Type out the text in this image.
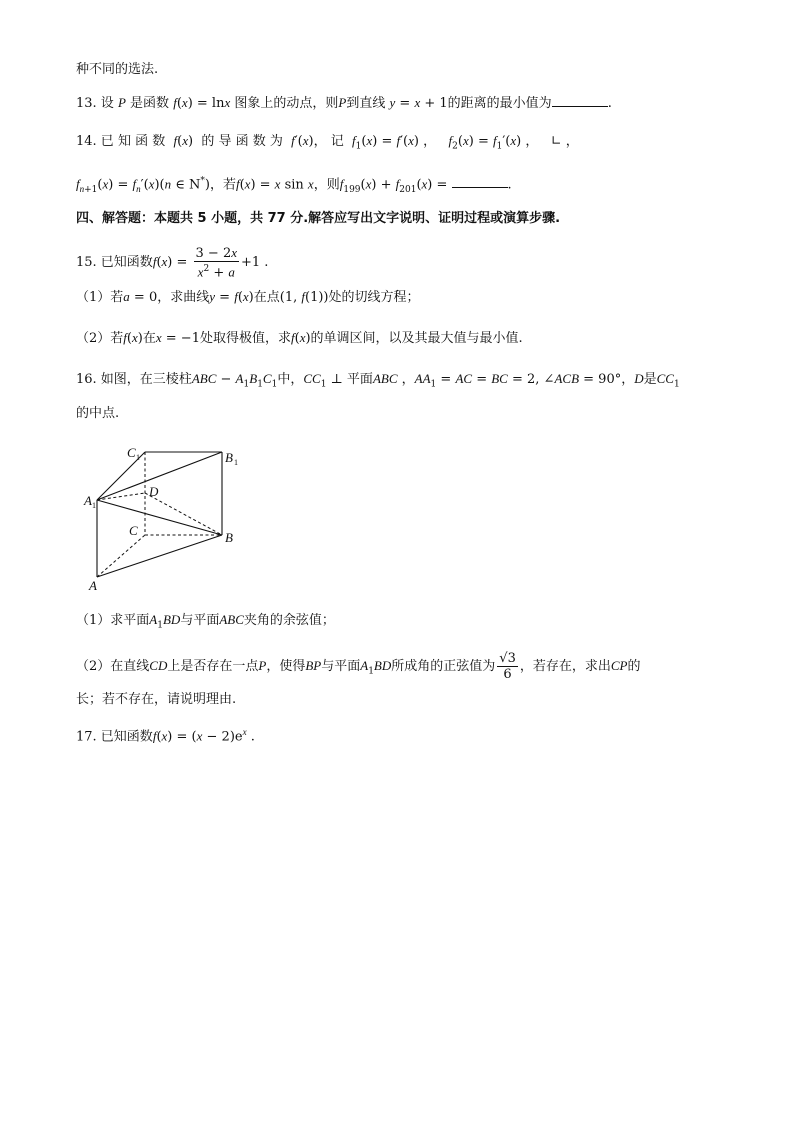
种不同的选法.
13. 设 P 是函数 f(x) = lnx 图象上的动点，则P到直线 y = x + 1的距离的最小值为	.
14. 已 知 函 数 f(x)  的 导 函 数 为 f′(x)， 记 $f_1(x) = f'(x)$ ，   $f_2(x) = f_1'(x)$ ，   ∟ ，
$f_{n+1}(x) = f_n'(x)(n$ ∈ N*)，若f(x) = x sin x，则$f_{199}(x) + f_{201}(x)$ =	.
四、解答题：本题共 5 小题，共 77 分.解答应写出文字说明、证明过程或演算步骤.
15. 已知函数$f(x) = \frac{3 - 2x}{x^2 + a} +1$ .
（1）若a = 0，求曲线y = f(x)在点(1, f(1))处的切线方程；
（2）若f(x)在x = −1处取得极值，求f(x)的单调区间，以及其最大值与最小值.
16. 如图，在三棱柱ABC − $A_1B_1C_1$中，$CC_1$ ⊥ 平面ABC ，$AA_1$ = AC = BC = 2, ∠ACB = 90°，D是$CC_1$
的中点.
C 1	B 1
A 1
D
C	B
A
（1）求平面$A_1BD$与平面ABC夹角的余弦值；
（2）在直线CD上是否存在一点P，使得BP与平面$A_1BD$所成角的正弦值为 $\frac{√3}{6}$ ，若存在，求出CP的
长；若不存在，请说明理由.
17. 已知函数$f(x) = (x - 2)e^x$ .
